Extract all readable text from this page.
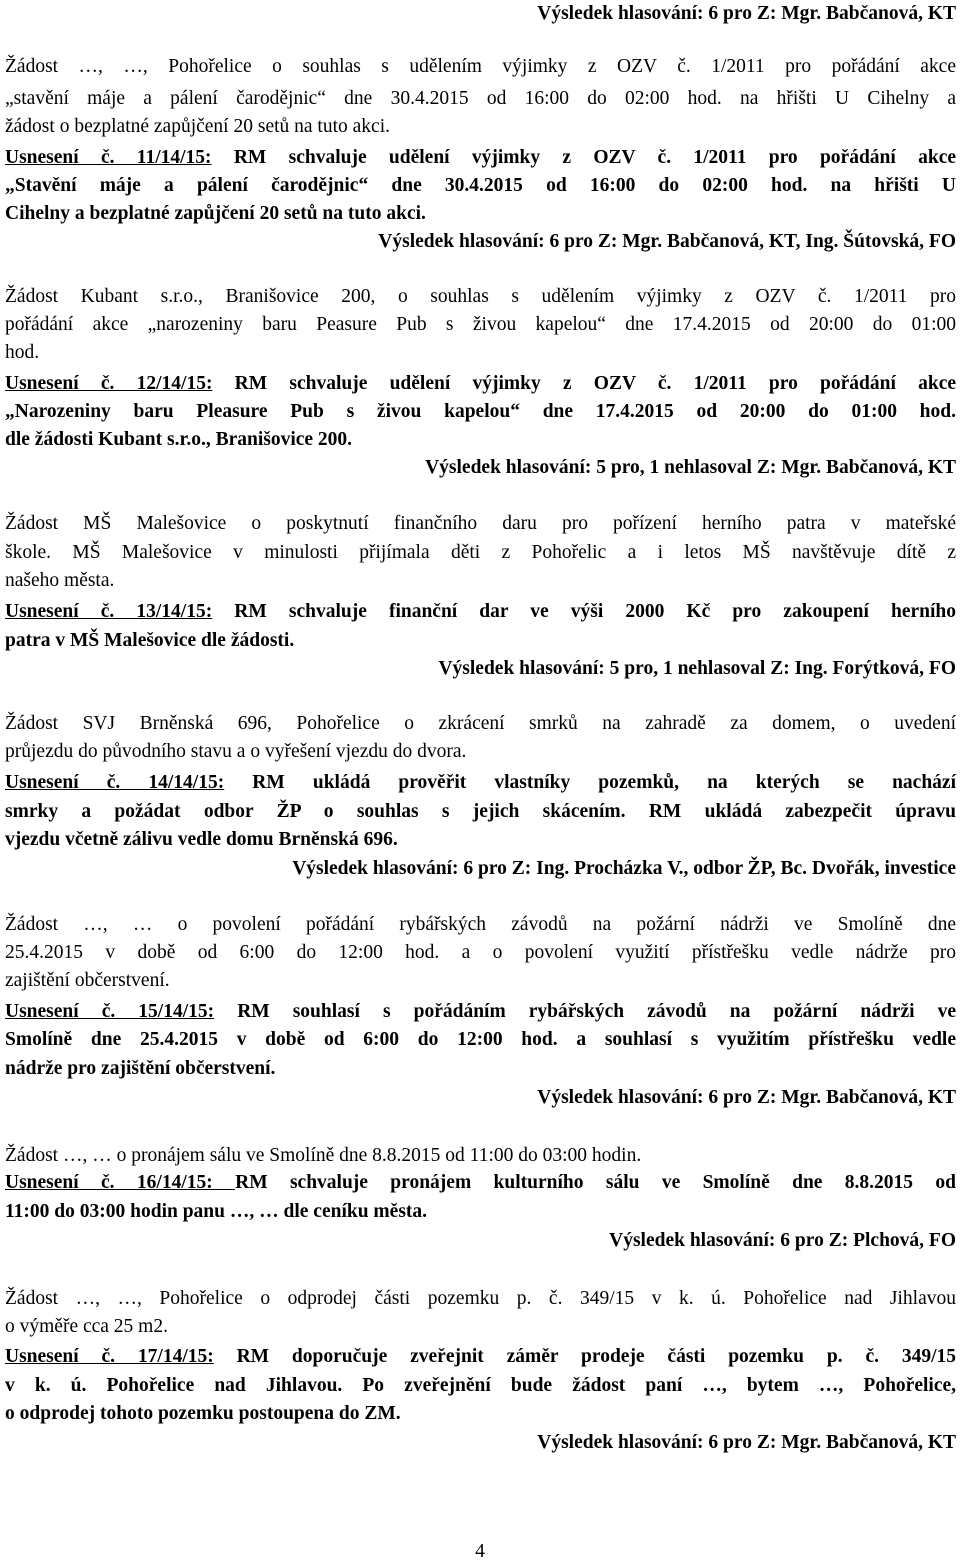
Výsledek hlasování: 6 pro Z: Mgr. Babčanová, KT
Žádost …, …, Pohořelice o souhlas s udělením výjimky z OZV č. 1/2011 pro pořádání akce
„stavění máje a pálení čarodějnic“ dne 30.4.2015 od 16:00 do 02:00 hod. na hřišti U Cihelny a
žádost o bezplatné zapůjčení 20 setů na tuto akci.
Usnesení č. 11/14/15: RM schvaluje udělení výjimky z OZV č. 1/2011 pro pořádání akce
„Stavění máje a pálení čarodějnic“ dne 30.4.2015 od 16:00 do 02:00 hod. na hřišti U
Cihelny a bezplatné zapůjčení 20 setů na tuto akci.
Výsledek hlasování: 6 pro Z: Mgr. Babčanová, KT, Ing. Šútovská, FO
Žádost Kubant s.r.o., Branišovice 200, o souhlas s udělením výjimky z OZV č. 1/2011 pro
pořádání akce „narozeniny baru Peasure Pub s živou kapelou“ dne 17.4.2015 od 20:00 do 01:00
hod.
Usnesení č. 12/14/15: RM schvaluje udělení výjimky z OZV č. 1/2011 pro pořádání akce
„Narozeniny baru Pleasure Pub s živou kapelou“ dne 17.4.2015 od 20:00 do 01:00 hod.
dle žádosti Kubant s.r.o., Branišovice 200.
Výsledek hlasování: 5 pro, 1 nehlasoval Z: Mgr. Babčanová, KT
Žádost MŠ Malešovice o poskytnutí finančního daru pro pořízení herního patra v mateřské
škole. MŠ Malešovice v minulosti přijímala děti z Pohořelic a i letos MŠ navštěvuje dítě z
našeho města.
Usnesení č. 13/14/15: RM schvaluje finanční dar ve výši 2000 Kč pro zakoupení herního
patra v MŠ Malešovice dle žádosti.
Výsledek hlasování: 5 pro, 1 nehlasoval Z: Ing. Forýtková, FO
Žádost SVJ Brněnská 696, Pohořelice o zkrácení smrků na zahradě za domem, o uvedení
průjezdu do původního stavu a o vyřešení vjezdu do dvora.
Usnesení č. 14/14/15: RM ukládá prověřit vlastníky pozemků, na kterých se nachází
smrky a požádat odbor ŽP o souhlas s jejich skácením. RM ukládá zabezpečit úpravu
vjezdu včetně zálivu vedle domu Brněnská 696.
Výsledek hlasování: 6 pro Z: Ing. Procházka V., odbor ŽP, Bc. Dvořák, investice
Žádost …, … o povolení pořádání rybářských závodů na požární nádrži ve Smolíně dne
25.4.2015 v době od 6:00 do 12:00 hod. a o povolení využití přístřešku vedle nádrže pro
zajištění občerstvení.
Usnesení č. 15/14/15: RM souhlasí s pořádáním rybářských závodů na požární nádrži ve
Smolíně dne 25.4.2015 v době od 6:00 do 12:00 hod. a souhlasí s využitím přístřešku vedle
nádrže pro zajištění občerstvení.
Výsledek hlasování: 6 pro Z: Mgr. Babčanová, KT
Žádost …, … o pronájem sálu ve Smolíně dne 8.8.2015 od 11:00 do 03:00 hodin.
Usnesení č. 16/14/15: RM schvaluje pronájem kulturního sálu ve Smolíně dne 8.8.2015 od
11:00 do 03:00 hodin panu …, … dle ceníku města.
Výsledek hlasování: 6 pro Z: Plchová, FO
Žádost …, …, Pohořelice o odprodej části pozemku p. č. 349/15 v k. ú. Pohořelice nad Jihlavou
o výměře cca 25 m2.
Usnesení č. 17/14/15: RM doporučuje zveřejnit záměr prodeje části pozemku p. č. 349/15
v k. ú. Pohořelice nad Jihlavou. Po zveřejnění bude žádost paní …, bytem …, Pohořelice,
o odprodej tohoto pozemku postoupena do ZM.
Výsledek hlasování: 6 pro Z: Mgr. Babčanová, KT
4
